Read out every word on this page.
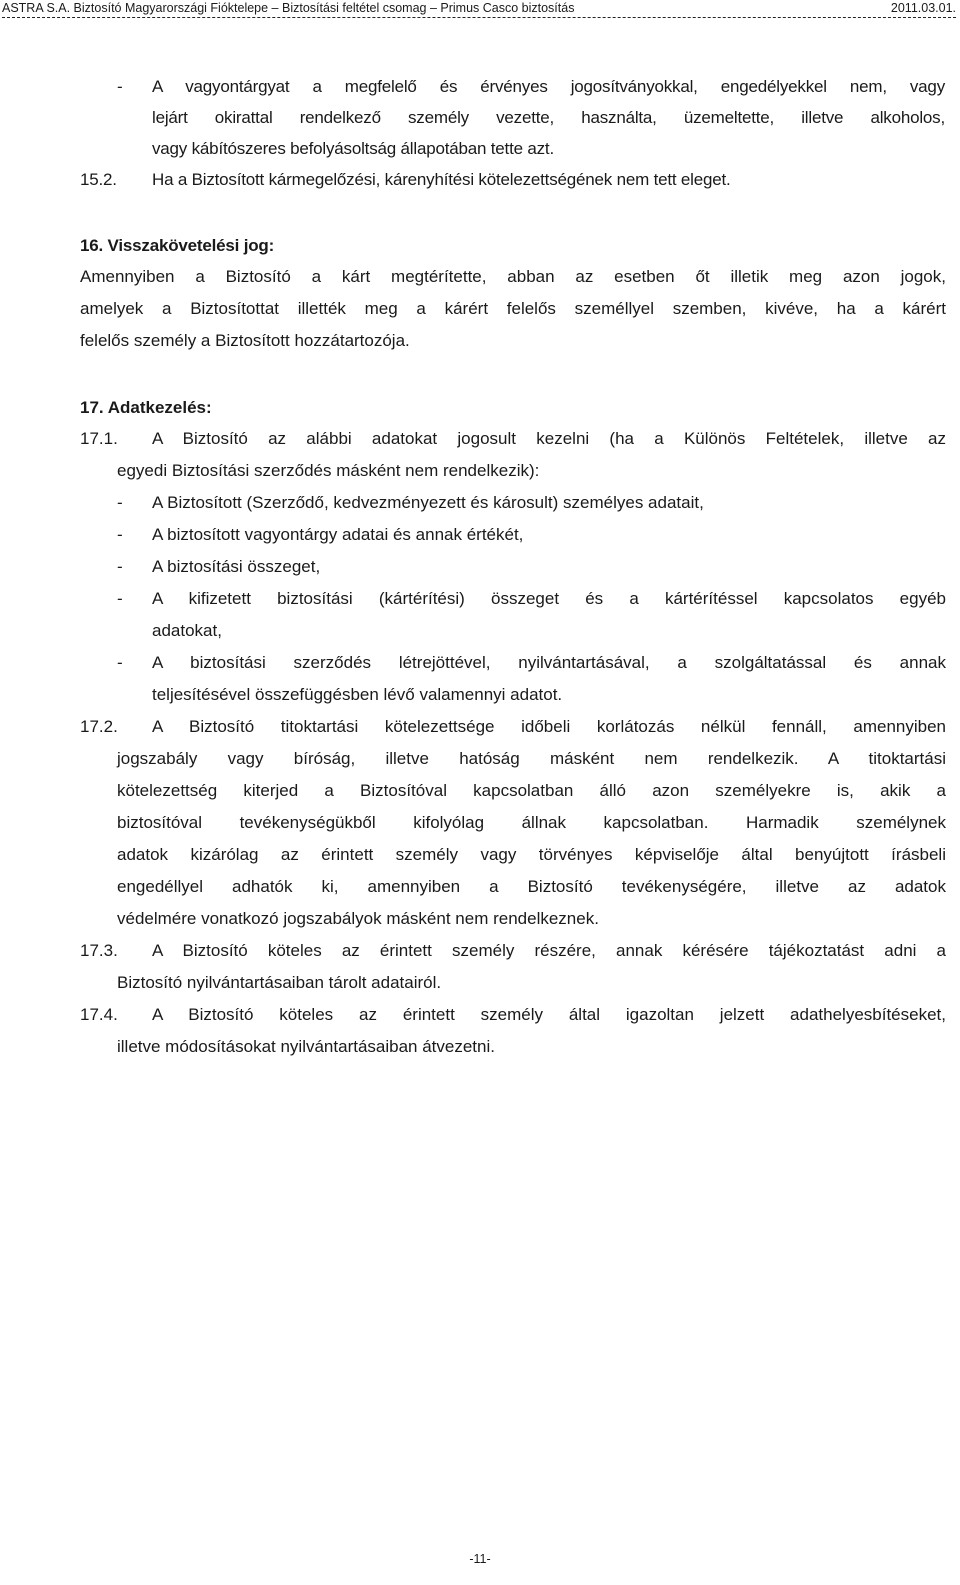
ASTRA S.A. Biztosító Magyarországi Fióktelepe – Biztosítási feltétel csomag – Primus Casco biztosítás	2011.03.01.
- A vagyontárgyat a megfelelő és érvényes jogosítványokkal, engedélyekkel nem, vagy
lejárt okirattal rendelkező személy vezette, használta, üzemeltette, illetve alkoholos,
vagy kábítószeres befolyásoltság állapotában tette azt.
15.2. Ha a Biztosított kármegelőzési, kárenyhítési kötelezettségének nem tett eleget.
16. Visszakövetelési jog:
Amennyiben a Biztosító a kárt megtérítette, abban az esetben őt illetik meg azon jogok,
amelyek a Biztosítottat illették meg a kárért felelős személlyel szemben, kivéve, ha a kárért
felelős személy a Biztosított hozzátartozója.
17. Adatkezelés:
17.1. A Biztosító az alábbi adatokat jogosult kezelni (ha a Különös Feltételek, illetve az
egyedi Biztosítási szerződés másként nem rendelkezik):
- A Biztosított (Szerződő, kedvezményezett és károsult) személyes adatait,
- A biztosított vagyontárgy adatai és annak értékét,
- A biztosítási összeget,
- A kifizetett biztosítási (kártérítési) összeget és a kártérítéssel kapcsolatos egyéb
adatokat,
- A biztosítási szerződés létrejöttével, nyilvántartásával, a szolgáltatással és annak
teljesítésével összefüggésben lévő valamennyi adatot.
17.2. A Biztosító titoktartási kötelezettsége időbeli korlátozás nélkül fennáll, amennyiben
jogszabály vagy bíróság, illetve hatóság másként nem rendelkezik. A titoktartási
kötelezettség kiterjed a Biztosítóval kapcsolatban álló azon személyekre is, akik a
biztosítóval tevékenységükből kifolyólag állnak kapcsolatban. Harmadik személynek
adatok kizárólag az érintett személy vagy törvényes képviselője által benyújtott írásbeli
engedéllyel adhatók ki, amennyiben a Biztosító tevékenységére, illetve az adatok
védelmére vonatkozó jogszabályok másként nem rendelkeznek.
17.3. A Biztosító köteles az érintett személy részére, annak kérésére tájékoztatást adni a
Biztosító nyilvántartásaiban tárolt adatairól.
17.4. A Biztosító köteles az érintett személy által igazoltan jelzett adathelyesbítéseket,
illetve módosításokat nyilvántartásaiban átvezetni.
-11-
